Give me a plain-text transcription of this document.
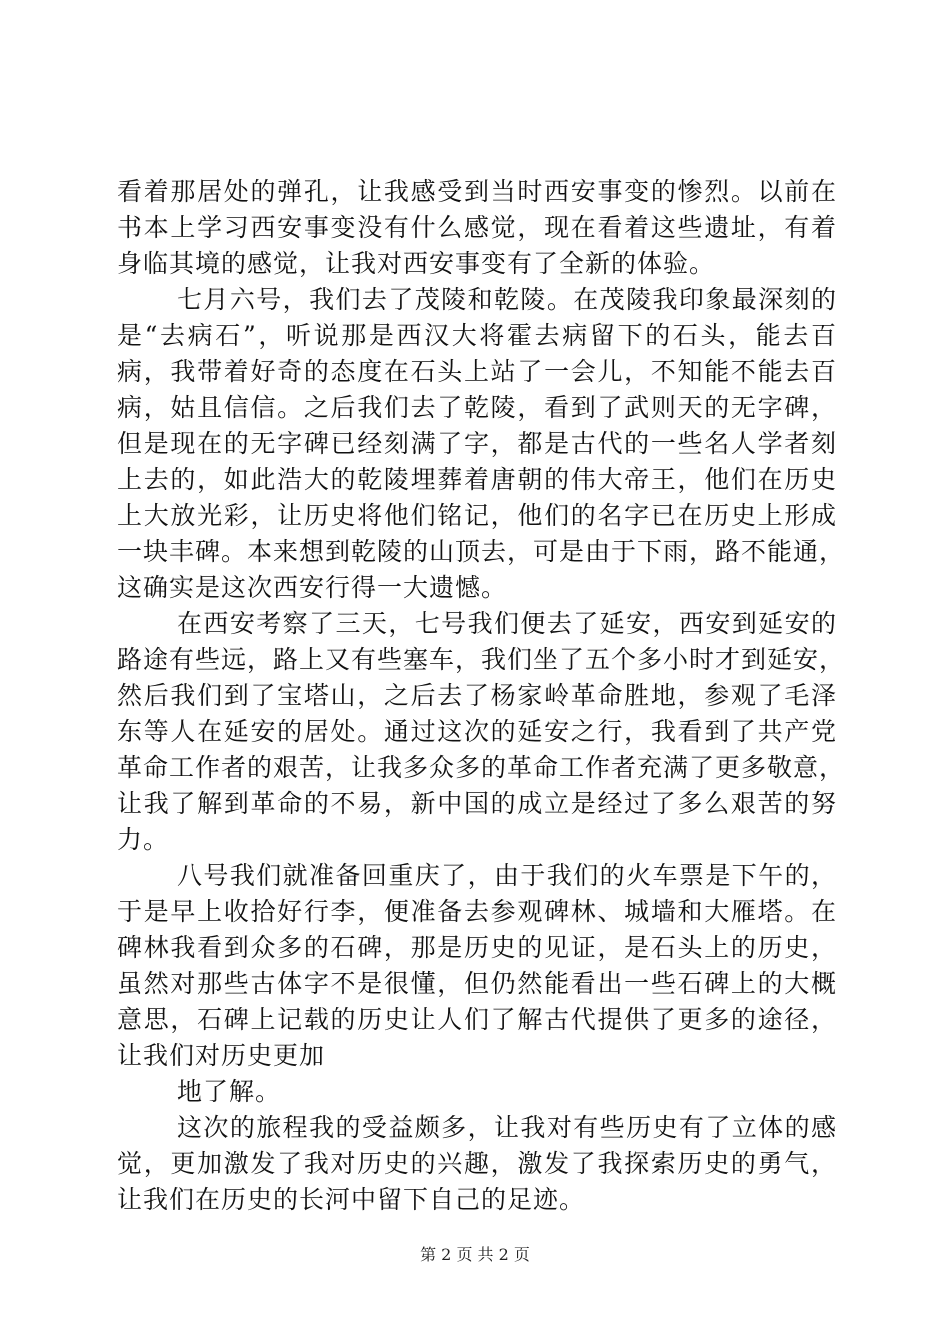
看着那居处的弹孔，让我感受到当时西安事变的惨烈。以前在
书本上学习西安事变没有什么感觉，现在看着这些遗址，有着
身临其境的感觉，让我对西安事变有了全新的体验。
七月六号，我们去了茂陵和乾陵。在茂陵我印象最深刻的
是“去病石”，听说那是西汉大将霍去病留下的石头，能去百
病，我带着好奇的态度在石头上站了一会儿，不知能不能去百
病，姑且信信。之后我们去了乾陵，看到了武则天的无字碑，
但是现在的无字碑已经刻满了字，都是古代的一些名人学者刻
上去的，如此浩大的乾陵埋葬着唐朝的伟大帝王，他们在历史
上大放光彩，让历史将他们铭记，他们的名字已在历史上形成
一块丰碑。本来想到乾陵的山顶去，可是由于下雨，路不能通，
这确实是这次西安行得一大遗憾。
在西安考察了三天，七号我们便去了延安，西安到延安的
路途有些远，路上又有些塞车，我们坐了五个多小时才到延安，
然后我们到了宝塔山，之后去了杨家岭革命胜地，参观了毛泽
东等人在延安的居处。通过这次的延安之行，我看到了共产党
革命工作者的艰苦，让我多众多的革命工作者充满了更多敬意，
让我了解到革命的不易，新中国的成立是经过了多么艰苦的努
力。
八号我们就准备回重庆了，由于我们的火车票是下午的，
于是早上收拾好行李，便准备去参观碑林、城墙和大雁塔。在
碑林我看到众多的石碑，那是历史的见证，是石头上的历史，
虽然对那些古体字不是很懂，但仍然能看出一些石碑上的大概
意思，石碑上记载的历史让人们了解古代提供了更多的途径，
让我们对历史更加
地了解。
这次的旅程我的受益颇多，让我对有些历史有了立体的感
觉，更加激发了我对历史的兴趣，激发了我探索历史的勇气，
让我们在历史的长河中留下自己的足迹。
第 2 页 共 2 页
